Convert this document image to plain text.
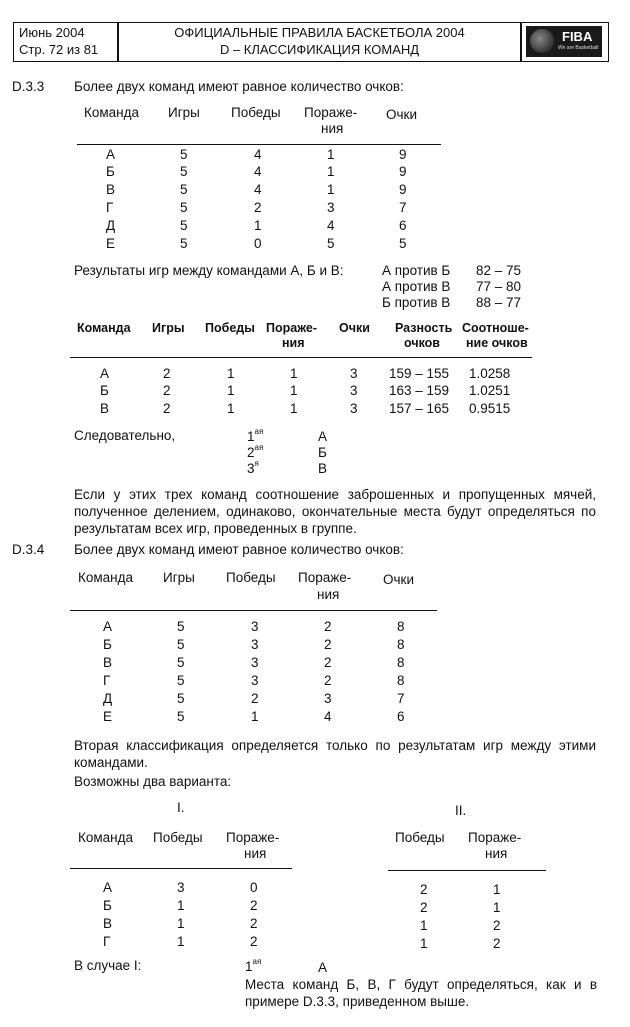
Июнь 2004
Стр. 72 из 81
ОФИЦИАЛЬНЫЕ ПРАВИЛА БАСКЕТБОЛА 2004
D – КЛАССИФИКАЦИЯ КОМАНД
FIBA
We are Basketball
D.3.3 Более двух команд имеют равное количество очков:
Команда Игры Победы Пораже-
ния
Очки
А	5	4	1	9
Б	5	4	1	9
В	5	4	1	9
Г	5	2	3	7
Д	5	1	4	6
Е	5	0	5	5
Результаты игр между командами А, Б и В:	А против Б 82 – 75
А против В 77 – 80
Б против В 88 – 77
Команда Игры Победы Пораже-
ния
Очки Разность
очков
Соотноше-
ние очков
А	2	1	1	3 159 – 155 1.0258
Б	2	1	1	3 163 – 159 1.0251
В	2	1	1	3 157 – 165 0.9515
Следовательно,	$1^{ая}$	А
$2^{ая}$	Б
$3^я$	В
Если у этих трех команд соотношение заброшенных и пропущенных мячей, полученное делением, одинаково, окончательные места будут определяться по результатам всех игр, проведенных в группе.
D.3.4 Более двух команд имеют равное количество очков:
Команда Игры Победы Пораже-
ния
Очки
А	5	3	2	8
Б	5	3	2	8
В	5	3	2	8
Г	5	3	2	8
Д	5	2	3	7
Е	5	1	4	6
Вторая классификация определяется только по результатам игр между этими командами.
Возможны два варианта:
I.	II.
Команда Победы Пораже-
ния
Победы Пораже-
ния
А	3	0
Б	1	2
В	1	2
Г	1	2
2	1
2	1
1	2
1	2
В случае I:	$1^{ая}$	А
Места команд Б, В, Г будут определяться, как и в примере D.3.3, приведенном выше.
